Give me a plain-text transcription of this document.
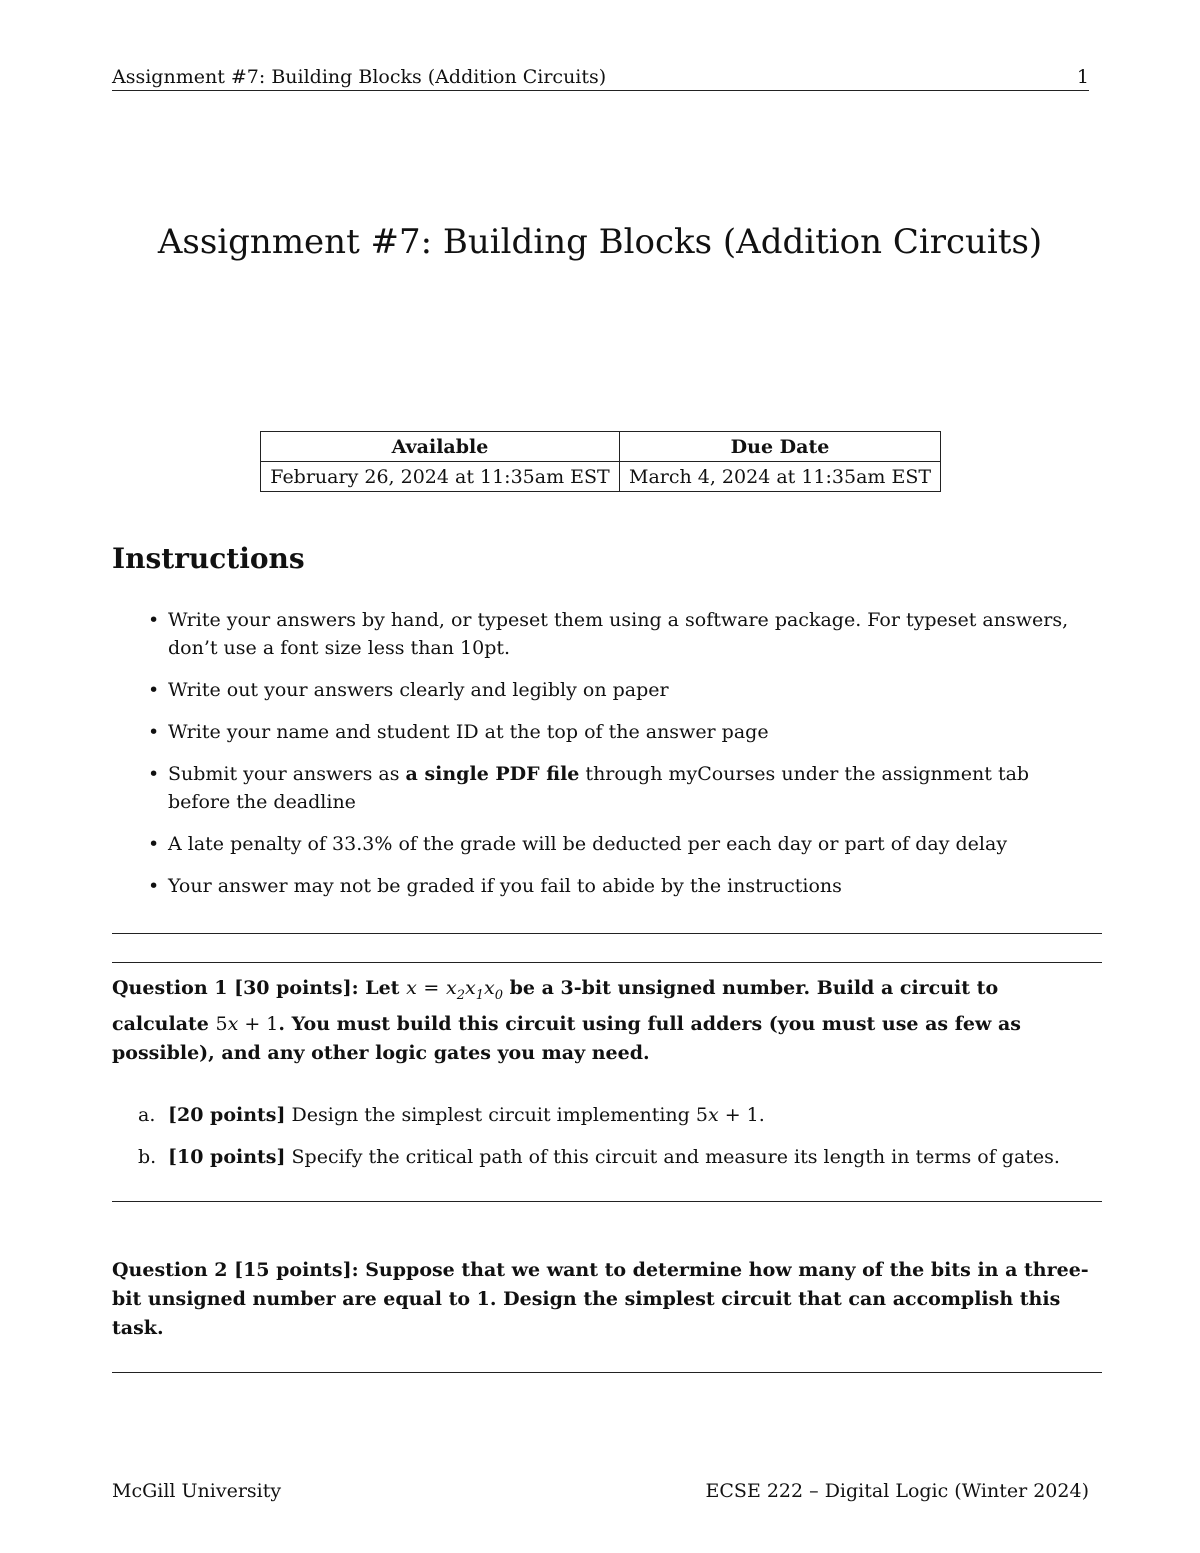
Assignment #7: Building Blocks (Addition Circuits)	1
Assignment #7: Building Blocks (Addition Circuits)
Available	Due Date
February 26, 2024 at 11:35am EST	March 4, 2024 at 11:35am EST
Instructions
• Write your answers by hand, or typeset them using a software package. For typeset answers, don’t use a font size less than 10pt.
• Write out your answers clearly and legibly on paper
• Write your name and student ID at the top of the answer page
• Submit your answers as a single PDF file through myCourses under the assignment tab before the deadline
• A late penalty of 33.3% of the grade will be deducted per each day or part of day delay
• Your answer may not be graded if you fail to abide by the instructions
Question 1 [30 points]: Let $x = x_2x_1x_0$ be a 3-bit unsigned number. Build a circuit to calculate 5x + 1. You must build this circuit using full adders (you must use as few as possible), and any other logic gates you may need.
a. [20 points] Design the simplest circuit implementing 5x + 1.
b. [10 points] Specify the critical path of this circuit and measure its length in terms of gates.
Question 2 [15 points]: Suppose that we want to determine how many of the bits in a three-bit unsigned number are equal to 1. Design the simplest circuit that can accomplish this task.
McGill University	ECSE 222 – Digital Logic (Winter 2024)
